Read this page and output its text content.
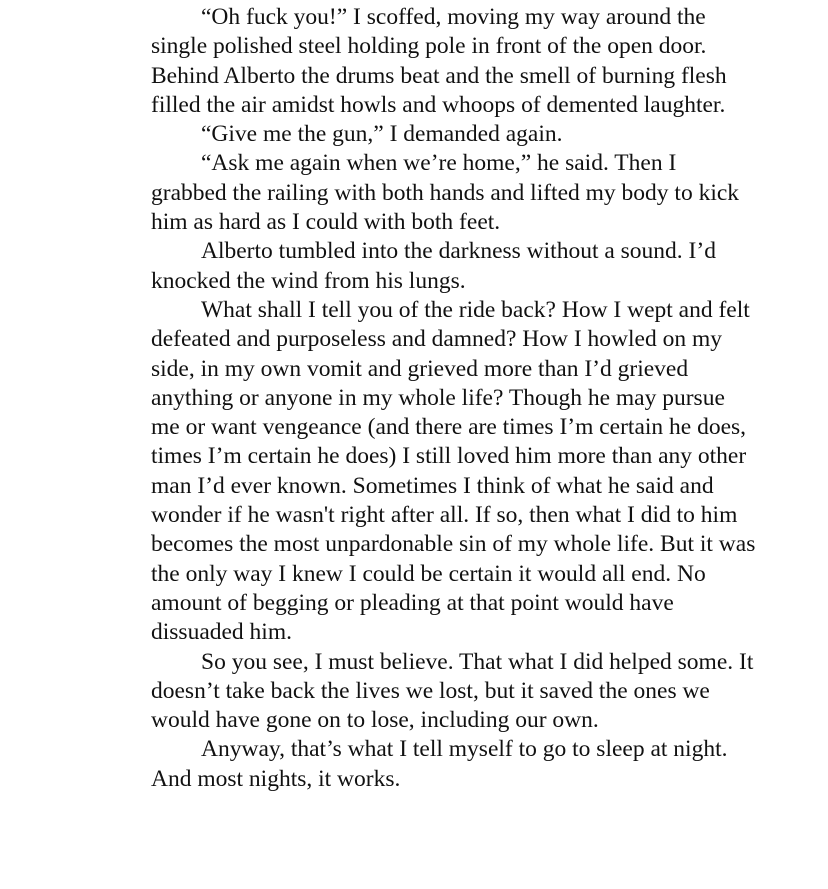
“Oh fuck you!” I scoffed, moving my way around the single polished steel holding pole in front of the open door. Behind Alberto the drums beat and the smell of burning flesh filled the air amidst howls and whoops of demented laughter.

“Give me the gun,” I demanded again.

“Ask me again when we’re home,” he said. Then I grabbed the railing with both hands and lifted my body to kick him as hard as I could with both feet.

Alberto tumbled into the darkness without a sound. I’d knocked the wind from his lungs.

What shall I tell you of the ride back? How I wept and felt defeated and purposeless and damned? How I howled on my side, in my own vomit and grieved more than I’d grieved anything or anyone in my whole life? Though he may pursue me or want vengeance (and there are times I’m certain he does, times I’m certain he does) I still loved him more than any other man I’d ever known. Sometimes I think of what he said and wonder if he wasn't right after all. If so, then what I did to him becomes the most unpardonable sin of my whole life. But it was the only way I knew I could be certain it would all end. No amount of begging or pleading at that point would have dissuaded him.

So you see, I must believe. That what I did helped some. It doesn’t take back the lives we lost, but it saved the ones we would have gone on to lose, including our own.

Anyway, that’s what I tell myself to go to sleep at night. And most nights, it works.
